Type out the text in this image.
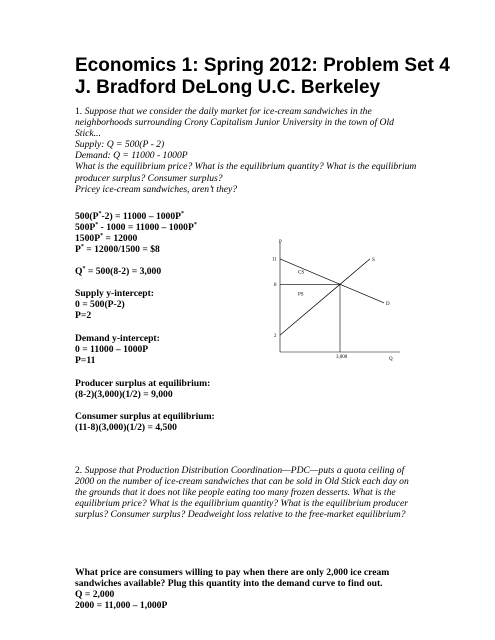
Economics 1: Spring 2012: Problem Set 4
J. Bradford DeLong U.C. Berkeley
1. Suppose that we consider the daily market for ice-cream sandwiches in the
neighborhoods surrounding Crony Capitalism Junior University in the town of Old
Stick...
Supply: Q = 500(P - 2)
Demand: Q = 11000 - 1000P
What is the equilibrium price? What is the equilibrium quantity? What is the equilibrium
producer surplus? Consumer surplus?
Pricey ice-cream sandwiches, aren’t they?
500(P*-2) = 11000 – 1000P*
500P* - 1000 = 11000 – 1000P*
1500P* = 12000
P* = 12000/1500 = $8
Q* = 500(8-2) = 3,000
Supply y-intercept:
0 = 500(P-2)
P=2
Demand y-intercept:
0 = 11000 – 1000P
P=11
Producer surplus at equilibrium:
(8-2)(3,000)(1/2) = 9,000
Consumer surplus at equilibrium:
(11-8)(3,000)(1/2) = 4,500
P
Q
11
8
2
3,000
S
D
CS
PS
2. Suppose that Production Distribution Coordination—PDC—puts a quota ceiling of
2000 on the number of ice-cream sandwiches that can be sold in Old Stick each day on
the grounds that it does not like people eating too many frozen desserts. What is the
equilibrium price? What is the equilibrium quantity? What is the equilibrium producer
surplus? Consumer surplus? Deadweight loss relative to the free-market equilibrium?
What price are consumers willing to pay when there are only 2,000 ice cream
sandwiches available? Plug this quantity into the demand curve to find out.
Q = 2,000
2000 = 11,000 – 1,000P
